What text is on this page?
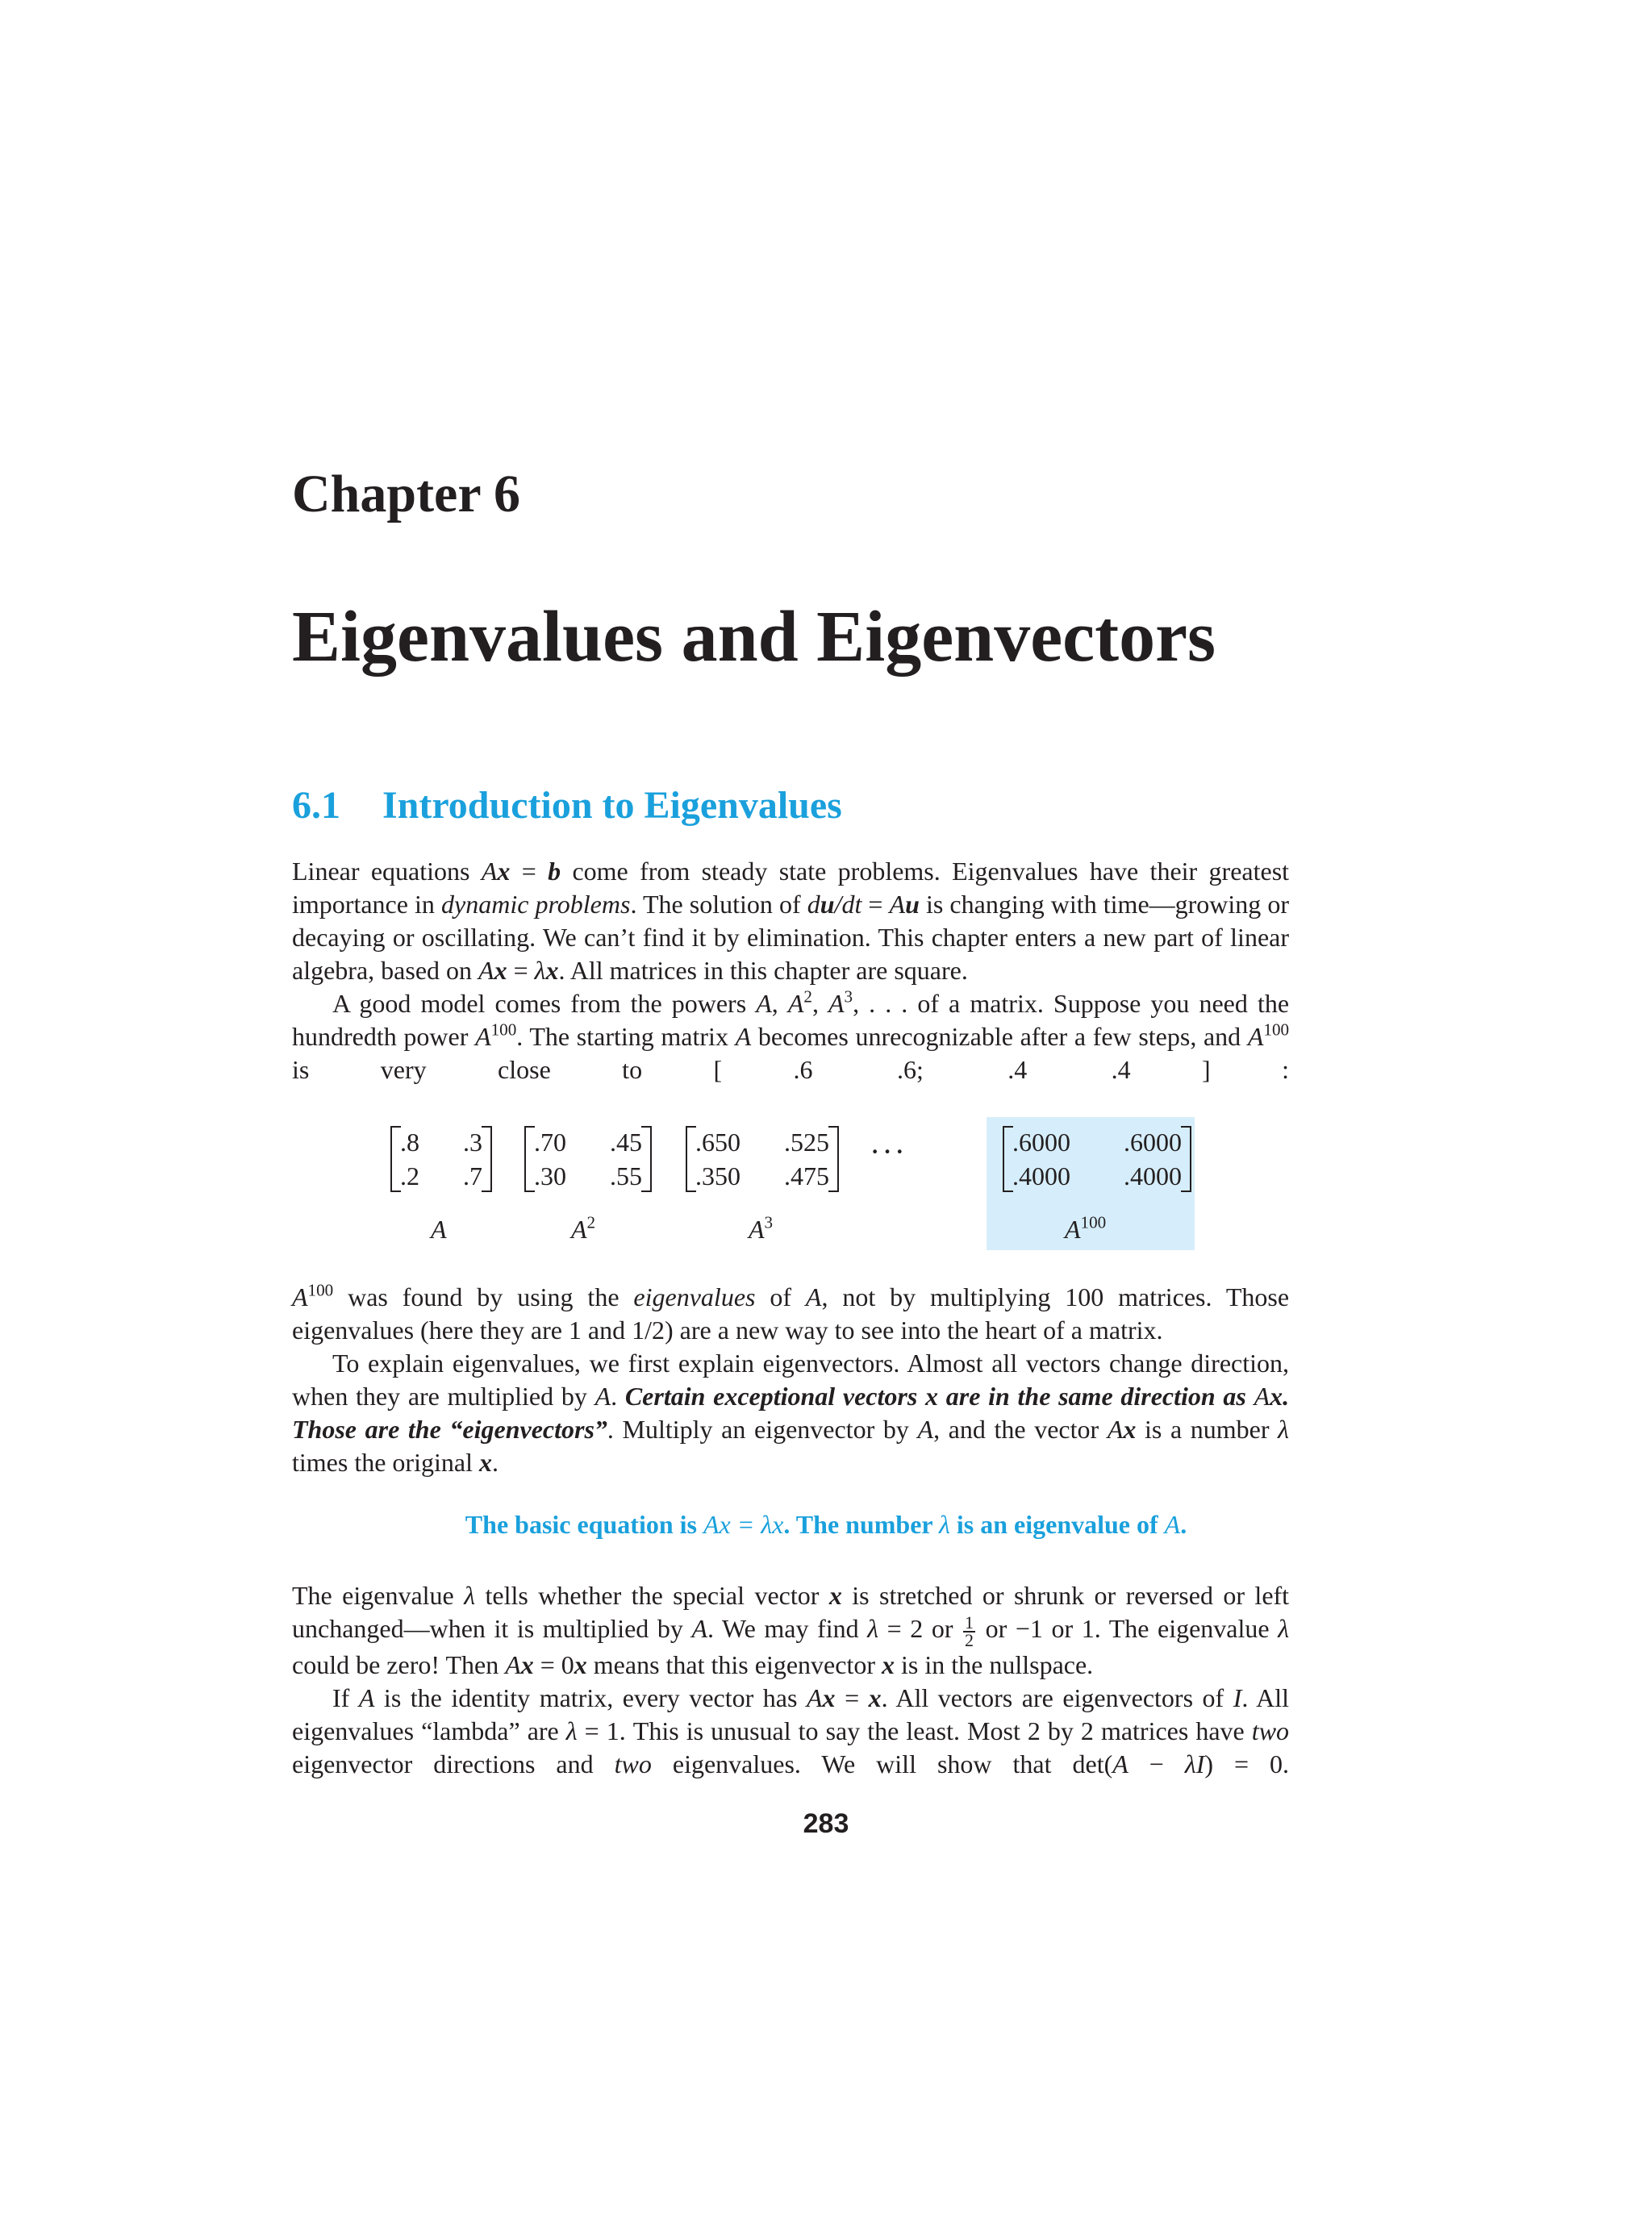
Chapter 6
Eigenvalues and Eigenvectors
6.1 Introduction to Eigenvalues

Linear equations Ax = b come from steady state problems. Eigenvalues have their greatest importance in dynamic problems. The solution of du/dt = Au is changing with time—growing or decaying or oscillating. We can’t find it by elimination. This chapter enters a new part of linear algebra, based on Ax = λx. All matrices in this chapter are square.

A good model comes from the powers A, $A^2$, $A^3$, . . . of a matrix. Suppose you need the hundredth power $A^{100}$. The starting matrix A becomes unrecognizable after a few steps, and $A^{100}$ is very close to [ .6  .6;  .4  .4 ] :

.8 .3
.2 .7
.70 .45
.30 .55
.650 .525
.350 .475
···	.6000 .6000
.4000 .4000
A	$A^2$	$A^3$	$A^{100}$

$A^{100}$ was found by using the eigenvalues of A, not by multiplying 100 matrices. Those eigenvalues (here they are 1 and 1/2) are a new way to see into the heart of a matrix.

To explain eigenvalues, we first explain eigenvectors. Almost all vectors change direction, when they are multiplied by A. Certain exceptional vectors x are in the same direction as Ax. Those are the “eigenvectors”. Multiply an eigenvector by A, and the vector Ax is a number λ times the original x.

The basic equation is Ax = λx. The number λ is an eigenvalue of A.

The eigenvalue λ tells whether the special vector x is stretched or shrunk or reversed or left unchanged—when it is multiplied by A. We may find λ = 2 or $\frac{1}{2}$ or −1 or 1. The eigenvalue λ could be zero! Then Ax = 0x means that this eigenvector x is in the nullspace.

If A is the identity matrix, every vector has Ax = x. All vectors are eigenvectors of I. All eigenvalues “lambda” are λ = 1. This is unusual to say the least. Most 2 by 2 matrices have two eigenvector directions and two eigenvalues. We will show that det(A − λI) = 0.

283
